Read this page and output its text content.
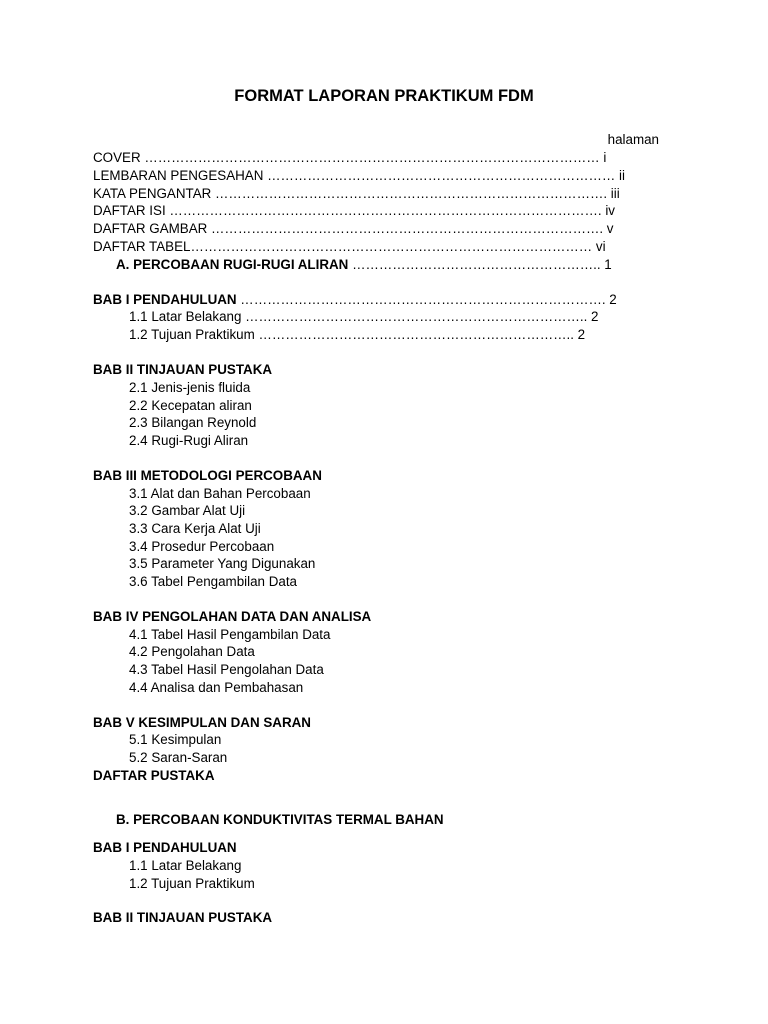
FORMAT LAPORAN PRAKTIKUM FDM
halaman
COVER ………………………………………………………………………………………… i
LEMBARAN PENGESAHAN …………………………………………………………………… ii
KATA PENGANTAR ……………………………………………………………………………. iii
DAFTAR ISI ……………………………………………………………………………………. iv
DAFTAR GAMBAR ……………………………………………………………………………. v
DAFTAR TABEL……………………………………………………………………………… vi
A. PERCOBAAN RUGI-RUGI ALIRAN ……………………………………………….. 1
BAB I PENDAHULUAN ………………………………………………………………………. 2
1.1 Latar Belakang ………………………………………………………………….. 2
1.2 Tujuan Praktikum …………………………………………………………….. 2
BAB II TINJAUAN PUSTAKA
2.1 Jenis-jenis fluida
2.2 Kecepatan aliran
2.3 Bilangan Reynold
2.4 Rugi-Rugi Aliran
BAB III METODOLOGI PERCOBAAN
3.1 Alat dan Bahan Percobaan
3.2 Gambar Alat Uji
3.3 Cara Kerja Alat Uji
3.4 Prosedur Percobaan
3.5 Parameter Yang Digunakan
3.6 Tabel Pengambilan Data
BAB IV PENGOLAHAN DATA DAN ANALISA
4.1 Tabel Hasil Pengambilan Data
4.2 Pengolahan Data
4.3 Tabel Hasil Pengolahan Data
4.4 Analisa dan Pembahasan
BAB V KESIMPULAN DAN SARAN
5.1 Kesimpulan
5.2 Saran-Saran
DAFTAR PUSTAKA
B. PERCOBAAN KONDUKTIVITAS TERMAL BAHAN
BAB I PENDAHULUAN
1.1 Latar Belakang
1.2 Tujuan Praktikum
BAB II TINJAUAN PUSTAKA
